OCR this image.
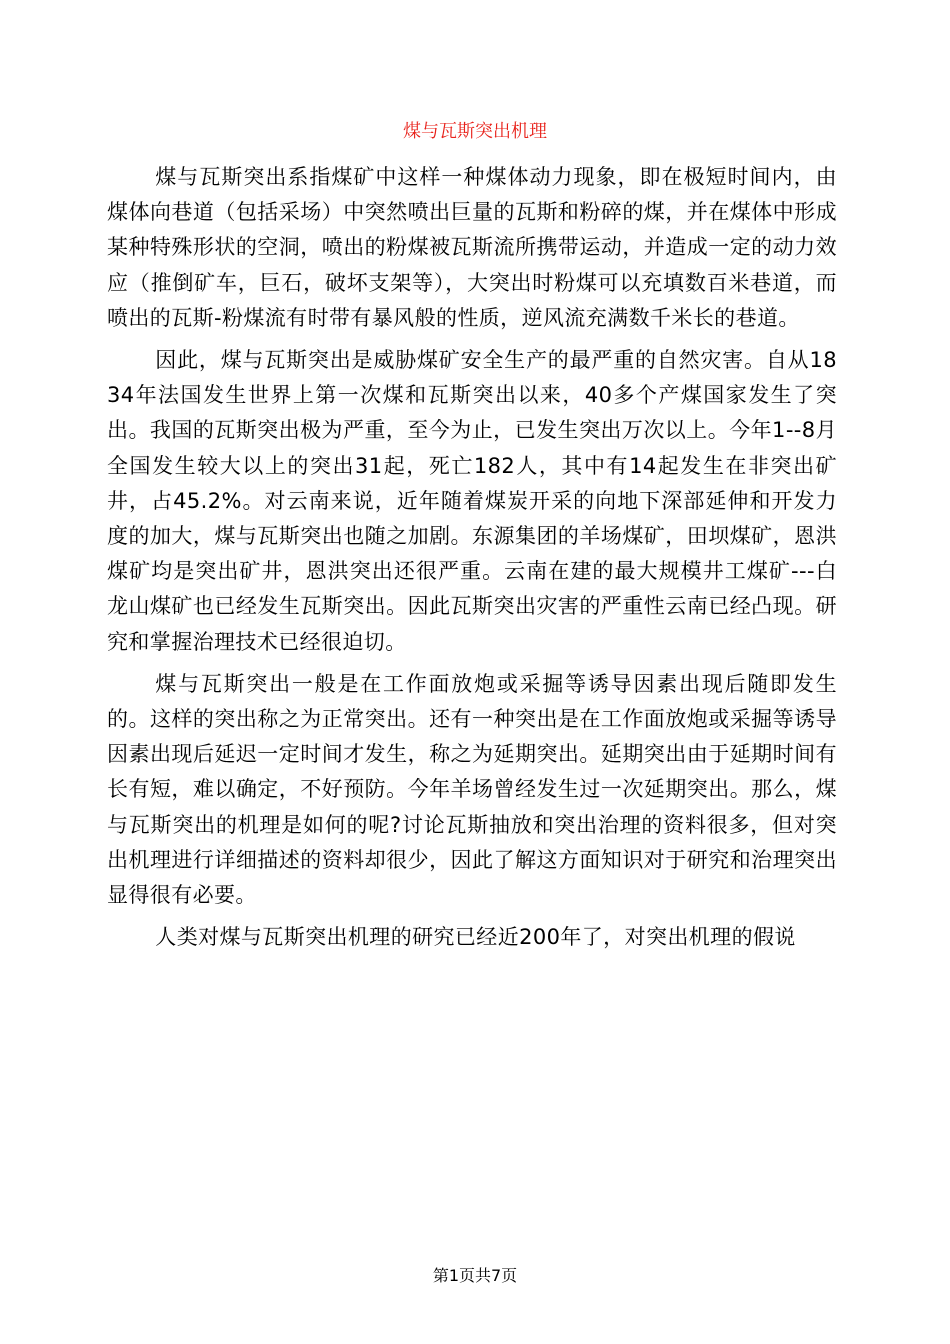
煤与瓦斯突出机理

煤与瓦斯突出系指煤矿中这样一种煤体动力现象，即在极短时间内，由煤体向巷道（包括采场）中突然喷出巨量的瓦斯和粉碎的煤，并在煤体中形成某种特殊形状的空洞，喷出的粉煤被瓦斯流所携带运动，并造成一定的动力效应（推倒矿车，巨石，破坏支架等），大突出时粉煤可以充填数百米巷道，而喷出的瓦斯-粉煤流有时带有暴风般的性质，逆风流充满数千米长的巷道。

因此，煤与瓦斯突出是威胁煤矿安全生产的最严重的自然灾害。自从1834年法国发生世界上第一次煤和瓦斯突出以来，40多个产煤国家发生了突出。我国的瓦斯突出极为严重，至今为止，已发生突出万次以上。今年1--8月全国发生较大以上的突出31起，死亡182人，其中有14起发生在非突出矿井，占45.2%。对云南来说，近年随着煤炭开采的向地下深部延伸和开发力度的加大，煤与瓦斯突出也随之加剧。东源集团的羊场煤矿，田坝煤矿，恩洪煤矿均是突出矿井，恩洪突出还很严重。云南在建的最大规模井工煤矿---白龙山煤矿也已经发生瓦斯突出。因此瓦斯突出灾害的严重性云南已经凸现。研究和掌握治理技术已经很迫切。

煤与瓦斯突出一般是在工作面放炮或采掘等诱导因素出现后随即发生的。这样的突出称之为正常突出。还有一种突出是在工作面放炮或采掘等诱导因素出现后延迟一定时间才发生，称之为延期突出。延期突出由于延期时间有长有短，难以确定，不好预防。今年羊场曾经发生过一次延期突出。那么，煤与瓦斯突出的机理是如何的呢?讨论瓦斯抽放和突出治理的资料很多，但对突出机理进行详细描述的资料却很少，因此了解这方面知识对于研究和治理突出显得很有必要。

人类对煤与瓦斯突出机理的研究已经近200年了，对突出机理的假说

第1页共7页
